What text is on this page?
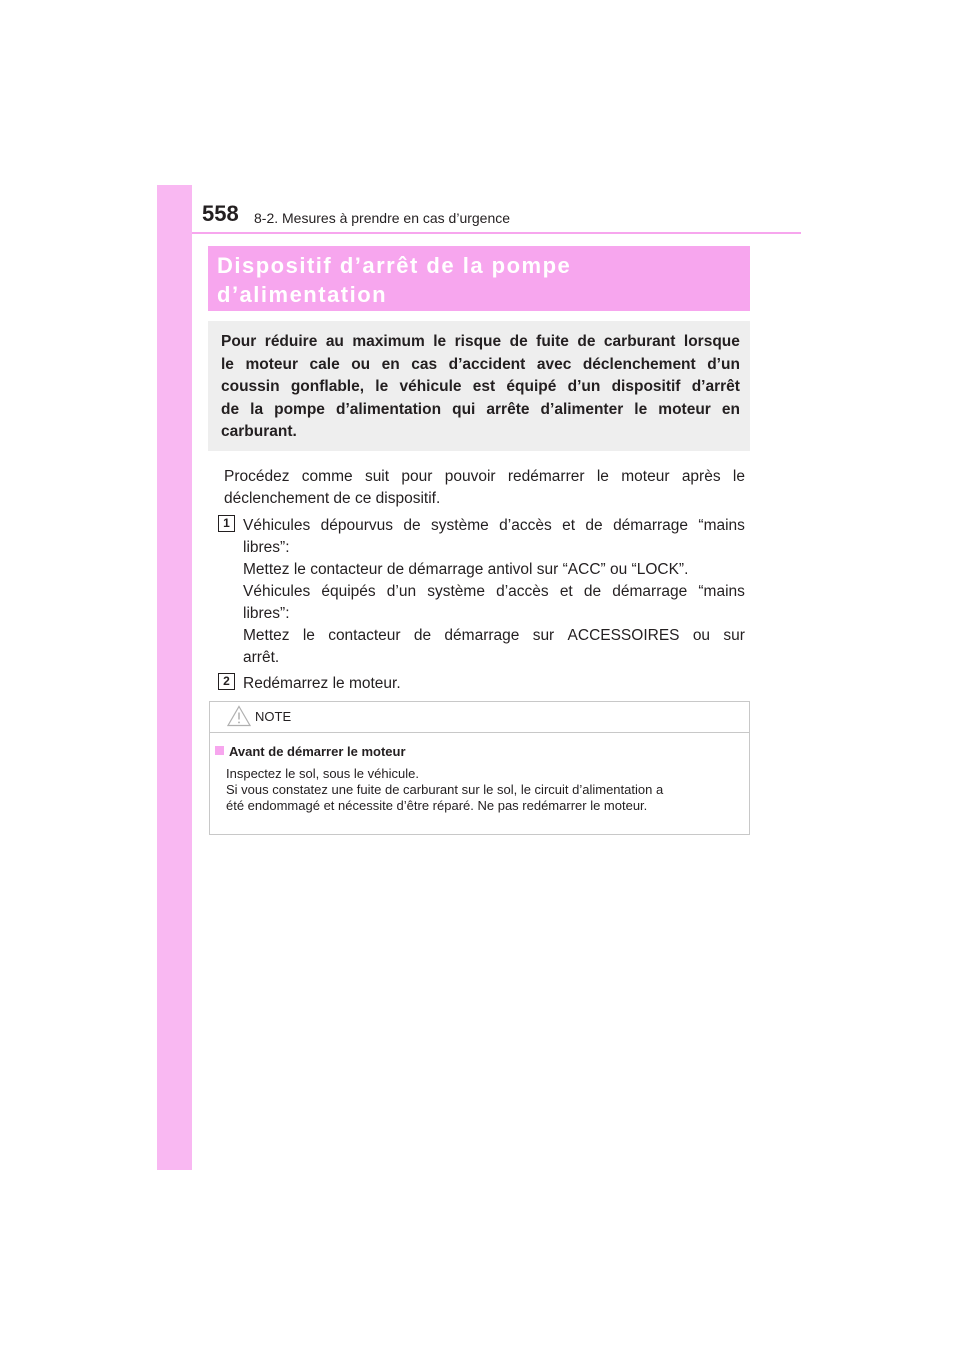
558 8-2. Mesures à prendre en cas d’urgence
Dispositif d’arrêt de la pompe
d’alimentation
Pour réduire au maximum le risque de fuite de carburant lorsque
le moteur cale ou en cas d’accident avec déclenchement d’un
coussin gonflable, le véhicule est équipé d’un dispositif d’arrêt
de la pompe d’alimentation qui arrête d’alimenter le moteur en
carburant.
Procédez comme suit pour pouvoir redémarrer le moteur après le
déclenchement de ce dispositif.
1 Véhicules dépourvus de système d’accès et de démarrage “mains
libres”:
Mettez le contacteur de démarrage antivol sur “ACC” ou “LOCK”.
Véhicules équipés d’un système d’accès et de démarrage “mains
libres”:
Mettez le contacteur de démarrage sur ACCESSOIRES ou sur
arrêt.
2 Redémarrez le moteur.
NOTE
Avant de démarrer le moteur
Inspectez le sol, sous le véhicule.
Si vous constatez une fuite de carburant sur le sol, le circuit d’alimentation a
été endommagé et nécessite d’être réparé. Ne pas redémarrer le moteur.
